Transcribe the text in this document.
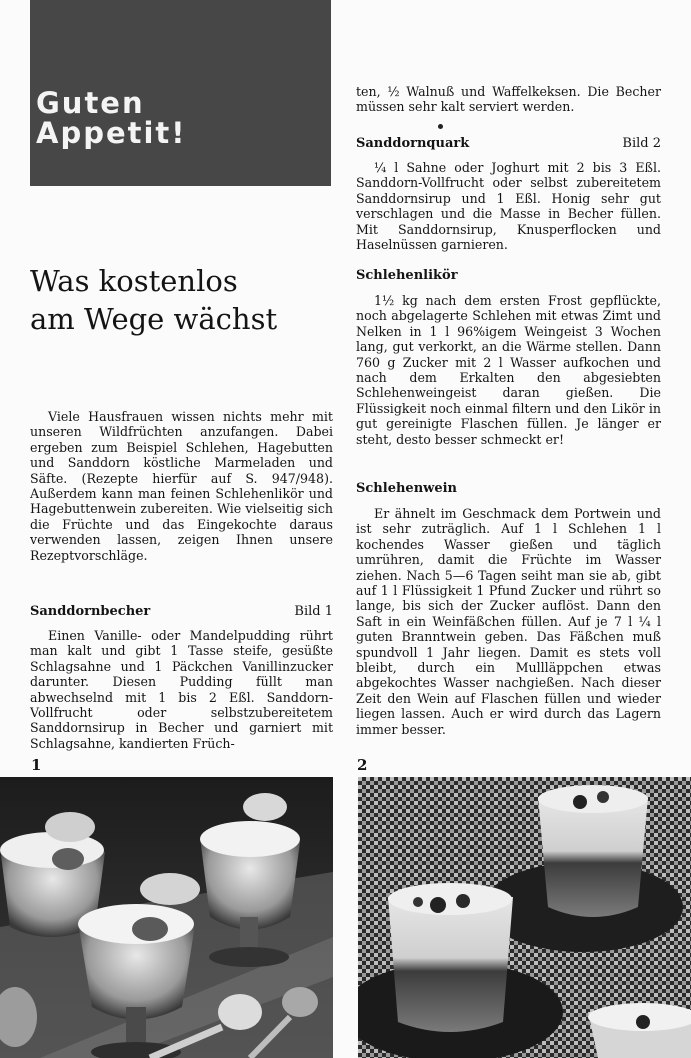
Guten
Appetit!
Was kostenlos
am Wege wächst

Viele Hausfrauen wissen nichts mehr mit unseren Wildfrüchten anzufangen. Dabei ergeben zum Beispiel Schlehen, Hagebutten und Sanddorn köstliche Marmeladen und Säfte. (Rezepte hierfür auf S. 947/948). Außerdem kann man feinen Schlehenlikör und Hagebuttenwein zubereiten. Wie vielseitig sich die Früchte und das Eingekochte daraus verwenden lassen, zeigen Ihnen unsere Rezeptvorschläge.

Sanddornbecher	Bild 1

Einen Vanille- oder Mandelpudding rührt man kalt und gibt 1 Tasse steife, gesüßte Schlagsahne und 1 Päckchen Vanillinzucker darunter. Diesen Pudding füllt man abwechselnd mit 1 bis 2 Eßl. Sanddorn-Vollfrucht oder selbstzubereitetem Sanddornsirup in Becher und garniert mit Schlagsahne, kandierten Früch-

ten, ½ Walnuß und Waffelkeksen. Die Becher müssen sehr kalt serviert werden.

Sanddornquark	Bild 2

¼ l Sahne oder Joghurt mit 2 bis 3 Eßl. Sanddorn-Vollfrucht oder selbst zubereitetem Sanddornsirup und 1 Eßl. Honig sehr gut verschlagen und die Masse in Becher füllen. Mit Sanddornsirup, Knusperflocken und Haselnüssen garnieren.

Schlehenlikör

1½ kg nach dem ersten Frost gepflückte, noch abgelagerte Schlehen mit etwas Zimt und Nelken in 1 l 96%igem Weingeist 3 Wochen lang, gut verkorkt, an die Wärme stellen. Dann 760 g Zucker mit 2 l Wasser aufkochen und nach dem Erkalten den abgesiebten Schlehenweingeist daran gießen. Die Flüssigkeit noch einmal filtern und den Likör in gut gereinigte Flaschen füllen. Je länger er steht, desto besser schmeckt er!

Schlehenwein

Er ähnelt im Geschmack dem Portwein und ist sehr zuträglich. Auf 1 l Schlehen 1 l kochendes Wasser gießen und täglich umrühren, damit die Früchte im Wasser ziehen. Nach 5—6 Tagen seiht man sie ab, gibt auf 1 l Flüssigkeit 1 Pfund Zucker und rührt so lange, bis sich der Zucker auflöst. Dann den Saft in ein Weinfäßchen füllen. Auf je 7 l ¼ l guten Branntwein geben. Das Fäßchen muß spundvoll 1 Jahr liegen. Damit es stets voll bleibt, durch ein Mullläppchen etwas abgekochtes Wasser nachgießen. Nach dieser Zeit den Wein auf Flaschen füllen und wieder liegen lassen. Auch er wird durch das Lagern immer besser.

1	2
